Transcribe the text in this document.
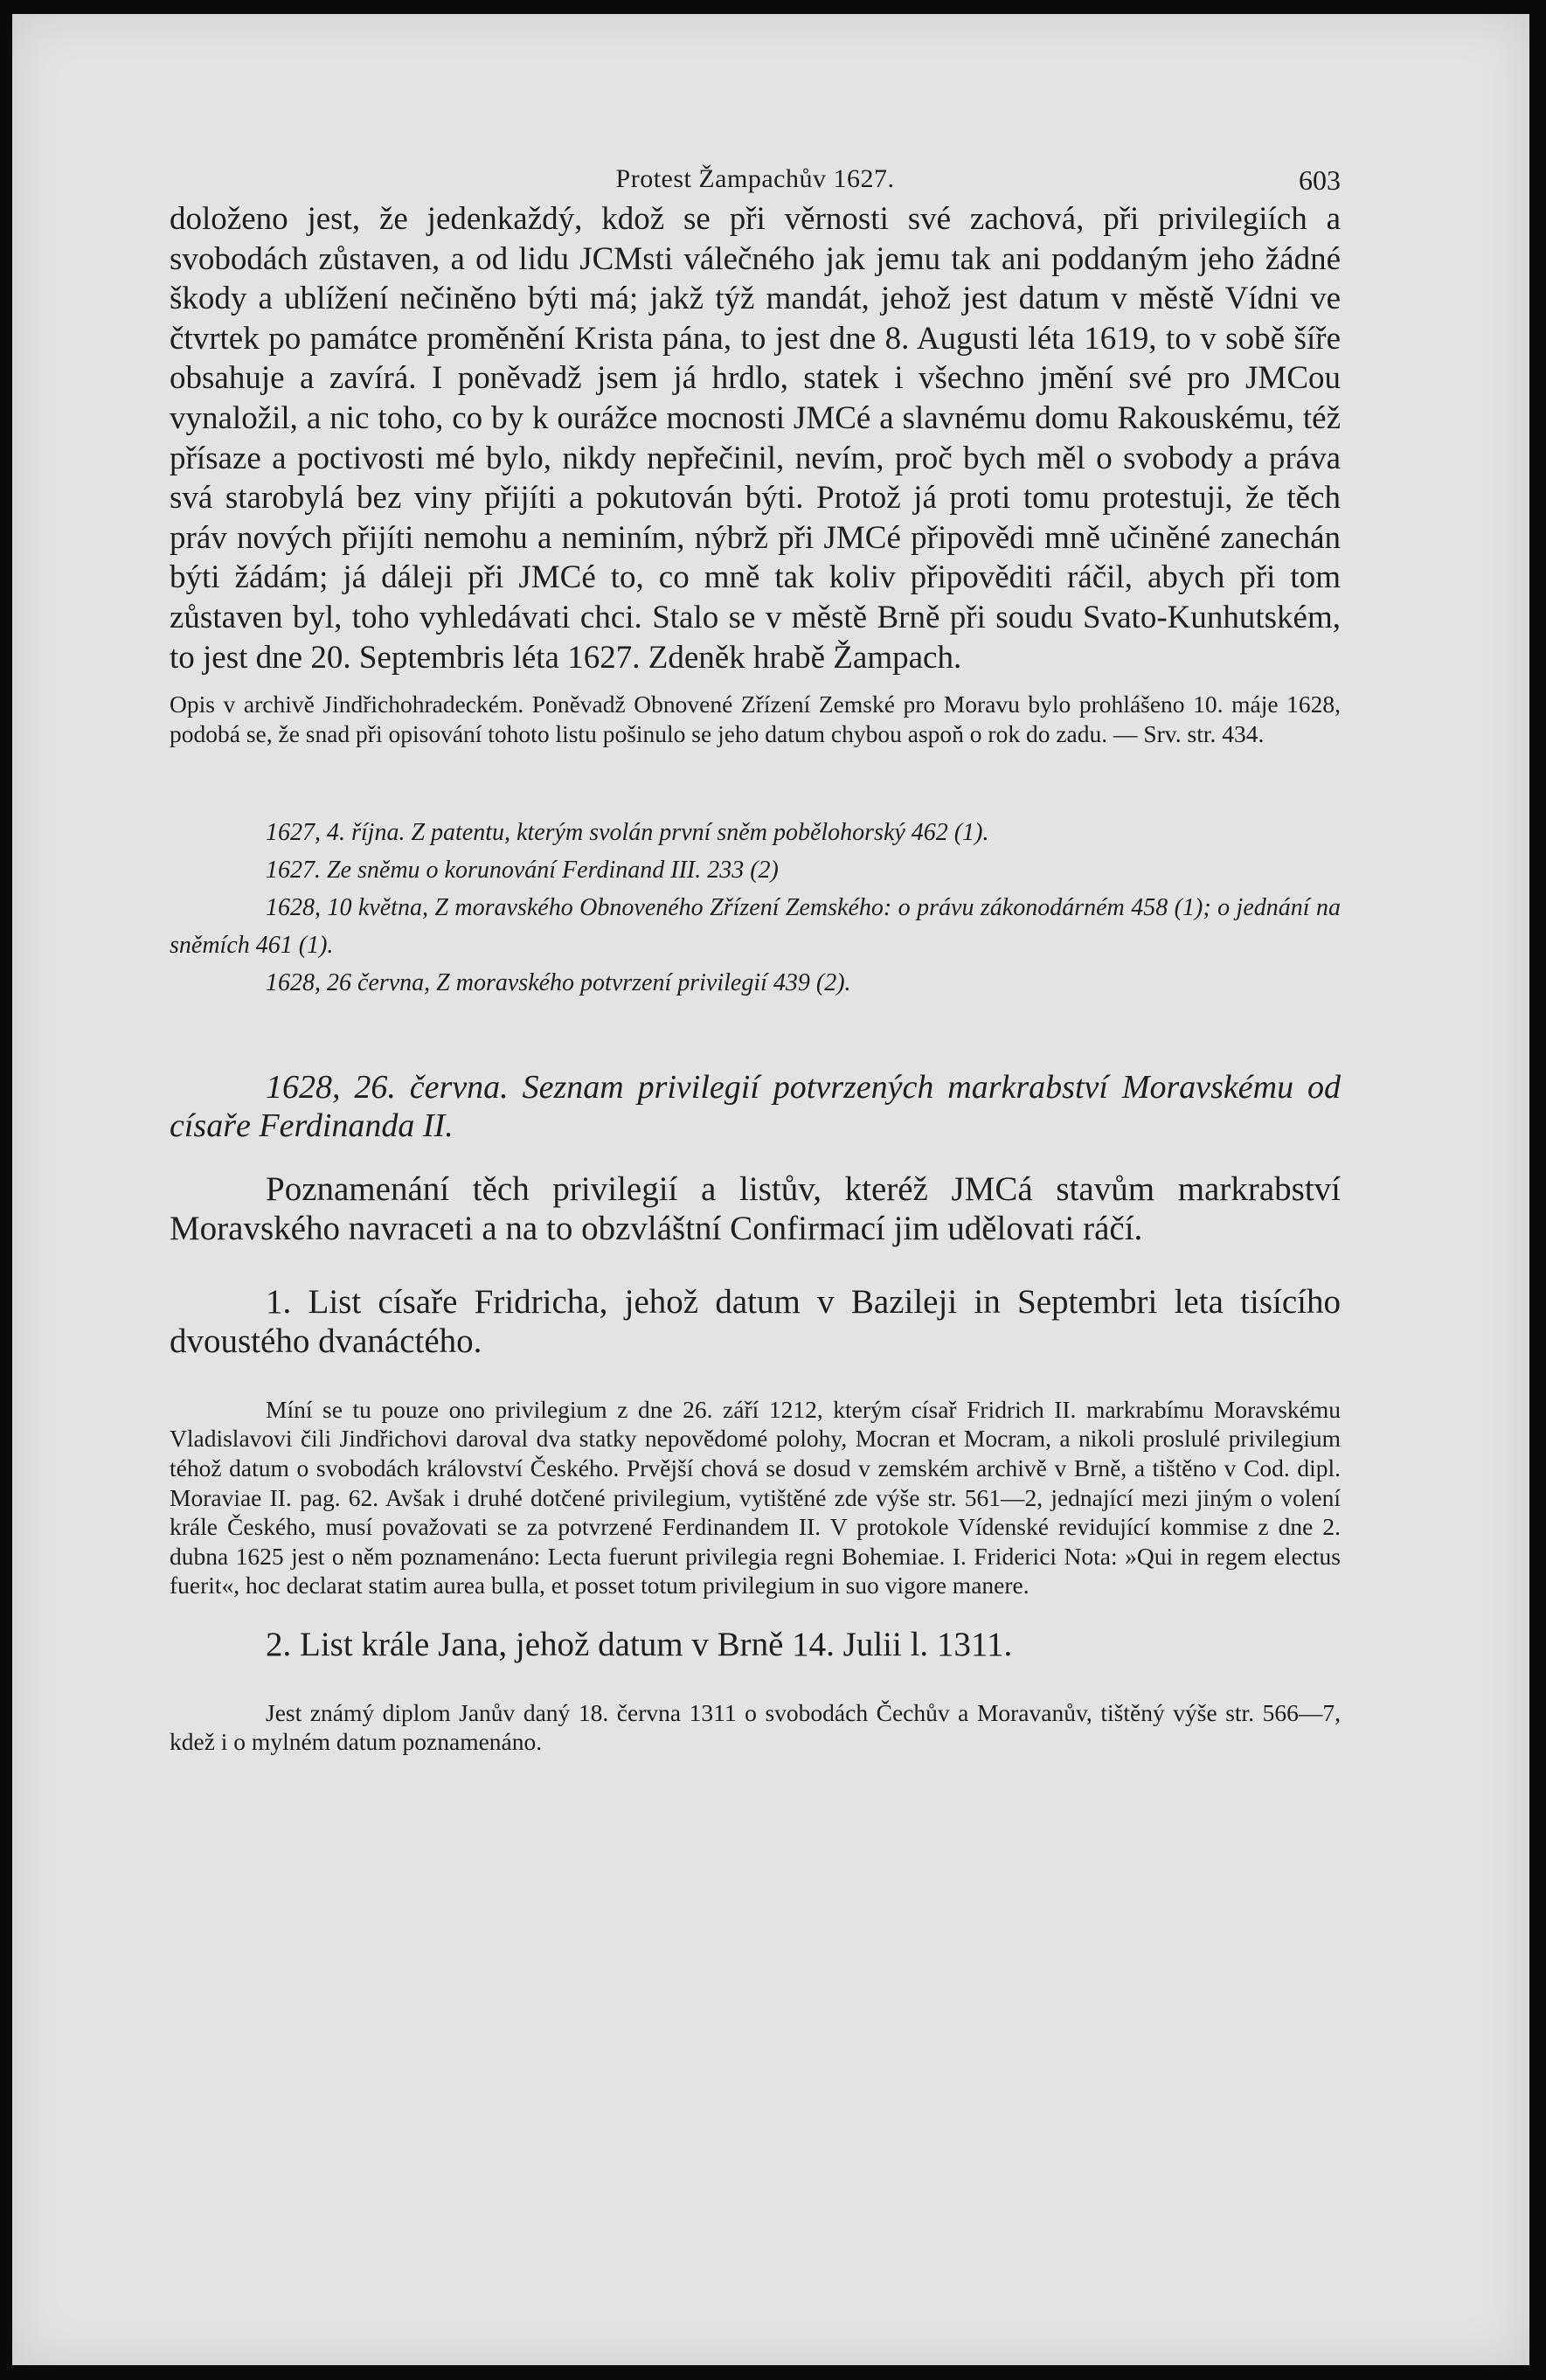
Protest Žampachův 1627.	603

doloženo jest, že jedenkaždý, kdož se při věrnosti své zachová, při privilegiích a svobodách zůstaven, a od lidu JCMsti válečného jak jemu tak ani poddaným jeho žádné škody a ublížení nečiněno býti má; jakž týž mandát, jehož jest datum v městě Vídni ve čtvrtek po památce proměnění Krista pána, to jest dne 8. Augusti léta 1619, to v sobě šíře obsahuje a zavírá. I poněvadž jsem já hrdlo, statek i všechno jmění své pro JMCou vynaložil, a nic toho, co by k ourážce mocnosti JMCé a slavnému domu Rakouskému, též přísaze a poctivosti mé bylo, nikdy nepřečinil, nevím, proč bych měl o svobody a práva svá starobylá bez viny přijíti a pokutován býti. Protož já proti tomu protestuji, že těch práv nových přijíti nemohu a neminím, nýbrž při JMCé připovědi mně učiněné zanechán býti žádám; já dáleji při JMCé to, co mně tak koliv připověditi ráčil, abych při tom zůstaven byl, toho vyhledávati chci. Stalo se v městě Brně při soudu Svato-Kunhutském, to jest dne 20. Septembris léta 1627. Zdeněk hrabě Žampach.

Opis v archivě Jindřichohradeckém. Poněvadž Obnovené Zřízení Zemské pro Moravu bylo prohlášeno 10. máje 1628, podobá se, že snad při opisování tohoto listu pošinulo se jeho datum chybou aspoň o rok do zadu. — Srv. str. 434.

1627, 4. října. Z patentu, kterým svolán první sněm pobělohorský 462 (1).

1627. Ze sněmu o korunování Ferdinand III. 233 (2)

1628, 10 května, Z moravského Obnoveného Zřízení Zemského: o právu zákonodárném 458 (1); o jednání na sněmích 461 (1).

1628, 26 června, Z moravského potvrzení privilegií 439 (2).

1628, 26. června. Seznam privilegií potvrzených markrabství Moravskému od císaře Ferdinanda II.

Poznamenání těch privilegií a listův, kteréž JMCá stavům markrabství Moravského navraceti a na to obzvláštní Confirmací jim udělovati ráčí.

1. List císaře Fridricha, jehož datum v Bazileji in Septembri leta tisícího dvoustého dvanáctého.

Míní se tu pouze ono privilegium z dne 26. září 1212, kterým císař Fridrich II. markrabímu Moravskému Vladislavovi čili Jindřichovi daroval dva statky nepovědomé polohy, Mocran et Mocram, a nikoli proslulé privilegium téhož datum o svobodách království Českého. Prvější chová se dosud v zemském archivě v Brně, a tištěno v Cod. dipl. Moraviae II. pag. 62. Avšak i druhé dotčené privilegium, vytištěné zde výše str. 561—2, jednající mezi jiným o volení krále Českého, musí považovati se za potvrzené Ferdinandem II. V protokole Vídenské revidující kommise z dne 2. dubna 1625 jest o něm poznamenáno: Lecta fuerunt privilegia regni Bohemiae. I. Friderici Nota: »Qui in regem electus fuerit«, hoc declarat statim aurea bulla, et posset totum privilegium in suo vigore manere.

2. List krále Jana, jehož datum v Brně 14. Julii l. 1311.

Jest známý diplom Janův daný 18. června 1311 o svobodách Čechův a Moravanův, tištěný výše str. 566—7, kdež i o mylném datum poznamenáno.
